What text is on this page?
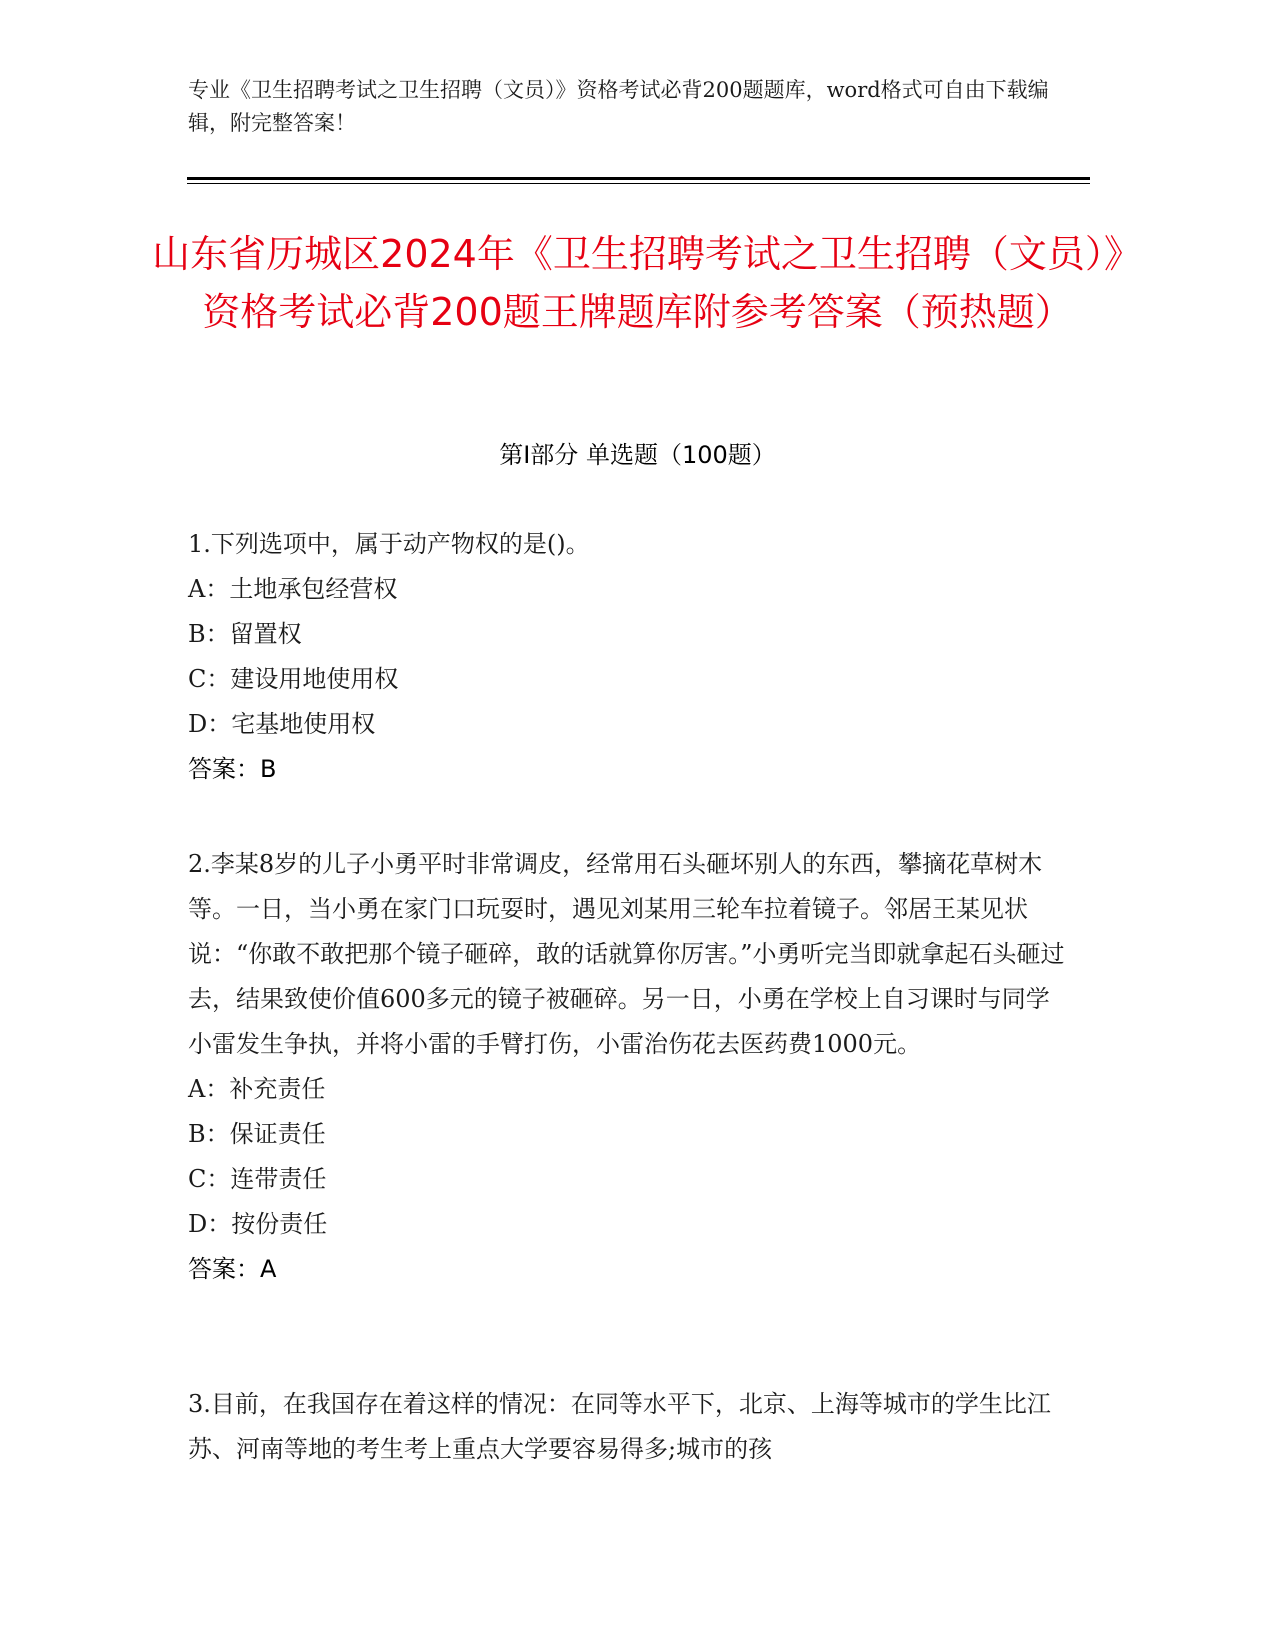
专业《卫生招聘考试之卫生招聘（文员）》资格考试必背200题题库，word格式可自由下载编辑，附完整答案！
山东省历城区2024年《卫生招聘考试之卫生招聘（文员）》资格考试必背200题王牌题库附参考答案（预热题）
第Ⅰ部分 单选题（100题）

1.下列选项中，属于动产物权的是()。

A：土地承包经营权

B：留置权

C：建设用地使用权

D：宅基地使用权

答案：B

2.李某8岁的儿子小勇平时非常调皮，经常用石头砸坏别人的东西，攀摘花草树木等。一日，当小勇在家门口玩耍时，遇见刘某用三轮车拉着镜子。邻居王某见状说：“你敢不敢把那个镜子砸碎，敢的话就算你厉害。”小勇听完当即就拿起石头砸过去，结果致使价值600多元的镜子被砸碎。另一日，小勇在学校上自习课时与同学小雷发生争执，并将小雷的手臂打伤，小雷治伤花去医药费1000元。

A：补充责任

B：保证责任

C：连带责任

D：按份责任

答案：A

3.目前，在我国存在着这样的情况：在同等水平下，北京、上海等城市的学生比江苏、河南等地的考生考上重点大学要容易得多;城市的孩
